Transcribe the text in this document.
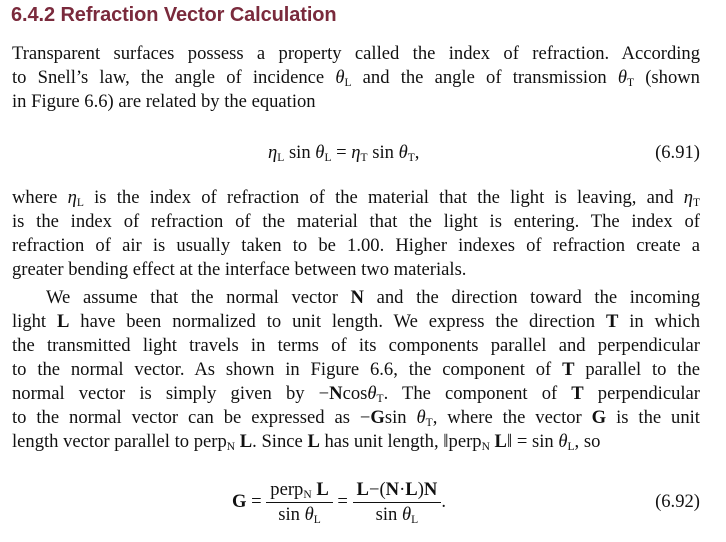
6.4.2 Refraction Vector Calculation
Transparent surfaces possess a property called the index of refraction. According
to Snell’s law, the angle of incidence $\theta_L$ and the angle of transmission $\theta_T$ (shown
in Figure 6.6) are related by the equation
$\eta_L$ $\sin \theta_L = \eta_T$ $\sin \theta_T$,	(6.91)
where $\eta_L$ is the index of refraction of the material that the light is leaving, and $\eta_T$
is the index of refraction of the material that the light is entering. The index of
refraction of air is usually taken to be 1.00. Higher indexes of refraction create a
greater bending effect at the interface between two materials.
We assume that the normal vector N and the direction toward the incoming
light L have been normalized to unit length. We express the direction T in which
the transmitted light travels in terms of its components parallel and perpendicular
to the normal vector. As shown in Figure 6.6, the component of T parallel to the
normal vector is simply given by −Ncosθ$_T$. The component of T perpendicular
to the normal vector can be expressed as −Gsin $\theta_T$, where the vector G is the unit
length vector parallel to perp$_N$ L. Since L has unit length, ‖perp$_N$ L‖ = $\sin \theta_L$, so
$G = \frac{perp_N L}{\sin \theta_L} = \frac{L-(N\cdot L)N}{\sin \theta_L}$ .	(6.92)
